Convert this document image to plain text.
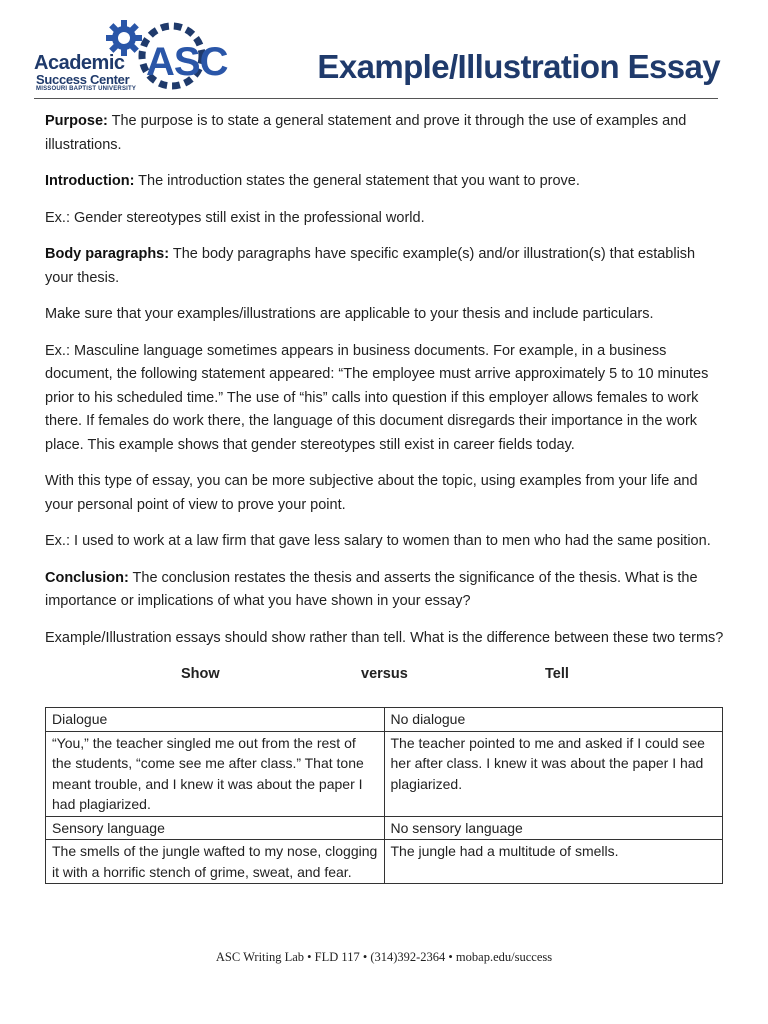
Academic
Success Center
MISSOURI BAPTIST UNIVERSITY
ASC	Example/Illustration Essay

Purpose: The purpose is to state a general statement and prove it through the use of examples and illustrations.

Introduction: The introduction states the general statement that you want to prove.

Ex.: Gender stereotypes still exist in the professional world.

Body paragraphs: The body paragraphs have specific example(s) and/or illustration(s) that establish your thesis.

Make sure that your examples/illustrations are applicable to your thesis and include particulars.

Ex.: Masculine language sometimes appears in business documents. For example, in a business document, the following statement appeared: “The employee must arrive approximately 5 to 10 minutes prior to his scheduled time.” The use of “his” calls into question if this employer allows females to work there. If females do work there, the language of this document disregards their importance in the work place. This example shows that gender stereotypes still exist in career fields today.

With this type of essay, you can be more subjective about the topic, using examples from your life and your personal point of view to prove your point.

Ex.: I used to work at a law firm that gave less salary to women than to men who had the same position.

Conclusion: The conclusion restates the thesis and asserts the significance of the thesis. What is the importance or implications of what you have shown in your essay?

Example/Illustration essays should show rather than tell. What is the difference between these two terms?

Show	versus	Tell
Dialogue	No dialogue
“You,” the teacher singled me out from the rest of the students, “come see me after class.” That tone meant trouble, and I knew it was about the paper I had plagiarized.	The teacher pointed to me and asked if I could see her after class. I knew it was about the paper I had plagiarized.
Sensory language	No sensory language
The smells of the jungle wafted to my nose, clogging it with a horrific stench of grime, sweat, and fear.	The jungle had a multitude of smells.
ASC Writing Lab • FLD 117 • (314)392-2364 • mobap.edu/success
